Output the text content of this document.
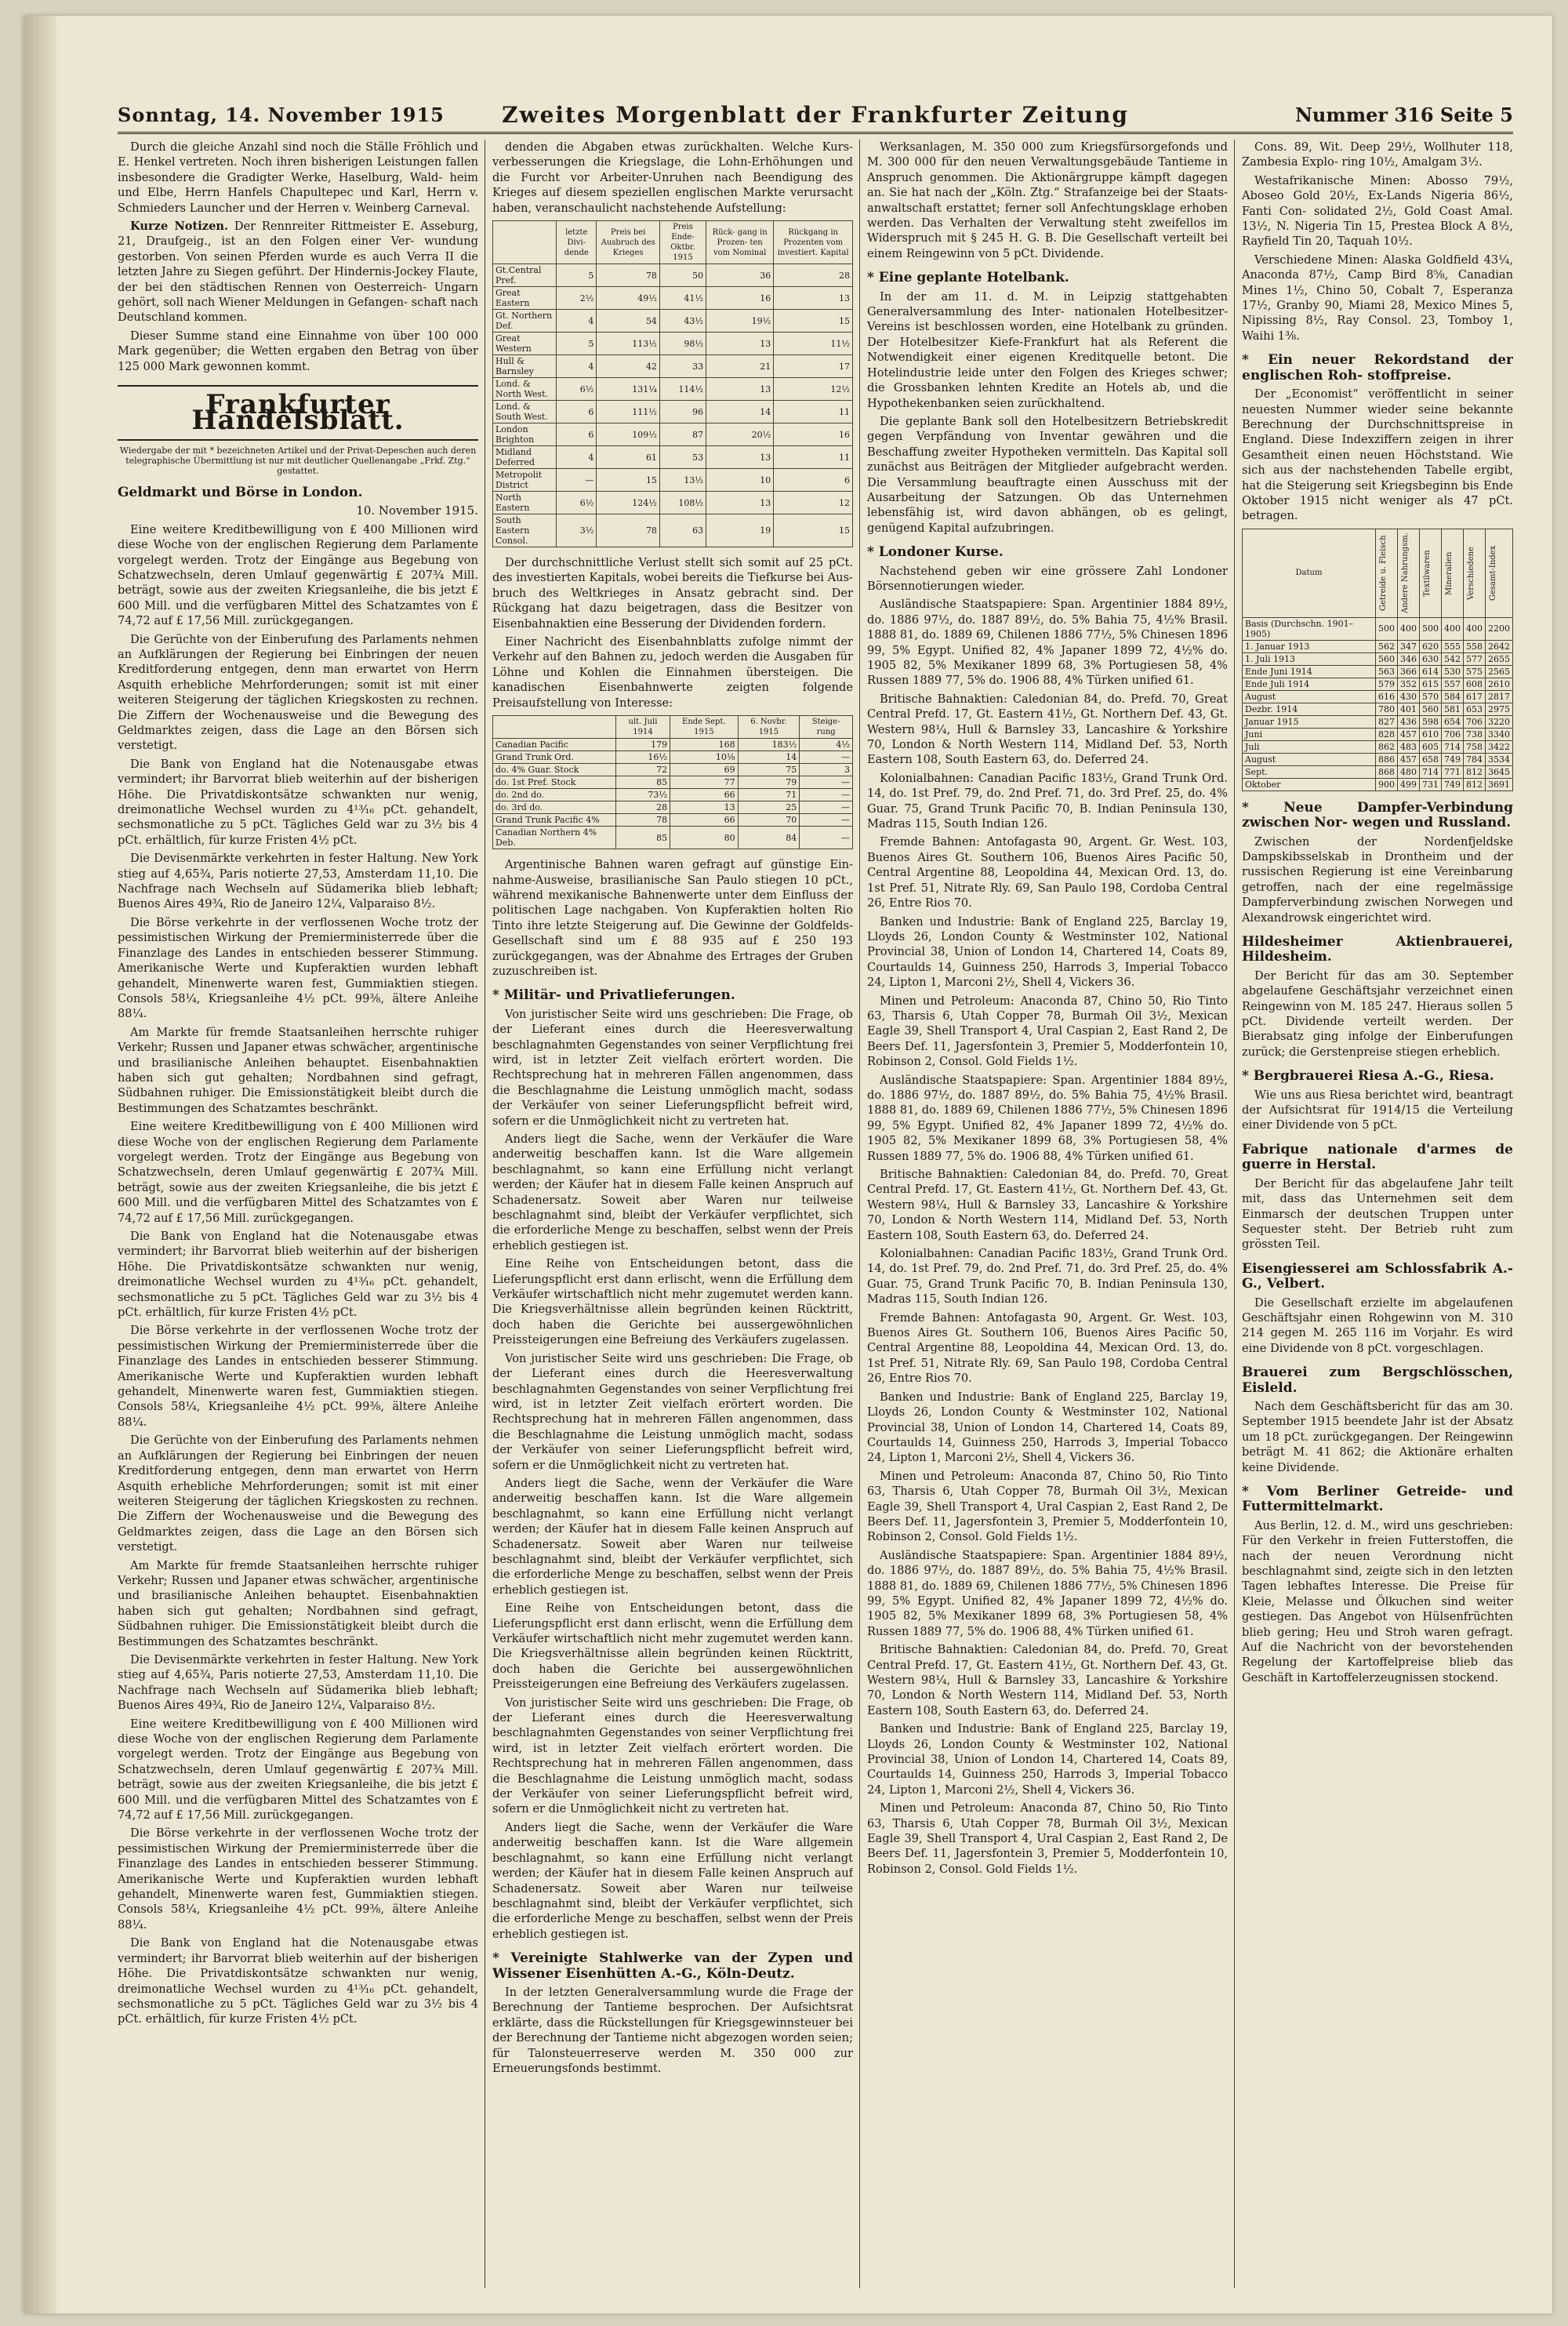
Sonntag, 14. November 1915	Zweites Morgenblatt der Frankfurter Zeitung	Nummer 316 Seite 5

Durch die gleiche Anzahl sind noch die Ställe Fröhlich und E. Henkel vertreten. Noch ihren bisherigen Leistungen fallen insbesondere die Gradigter Werke, Haselburg, Wald- heim und Elbe, Herrn Hanfels Chapultepec und Karl, Herrn v. Schmieders Launcher und der Herren v. Weinberg Carneval.

Kurze Notizen. Der Rennreiter Rittmeister E. Asseburg, 21, Draufgeig., ist an den Folgen einer Ver- wundung gestorben. Von seinen Pferden wurde es auch Verra II die letzten Jahre zu Siegen geführt. Der Hindernis-Jockey Flaute, der bei den städtischen Rennen von Oesterreich- Ungarn gehört, soll nach Wiener Meldungen in Gefangen- schaft nach Deutschland kommen.

Dieser Summe stand eine Einnahme von über 100 000 Mark gegenüber; die Wetten ergaben den Betrag von über 125 000 Mark gewonnen kommt.

Frankfurter Handelsblatt.
Wiedergabe der mit * bezeichneten Artikel und der Privat-Depeschen auch deren telegraphische Übermittlung ist nur mit deutlicher Quellenangabe „Frkf. Ztg.“ gestattet.
Geldmarkt und Börse in London.
10. November 1915.

Eine weitere Kreditbewilligung von £ 400 Millionen wird diese Woche von der englischen Regierung dem Parlamente vorgelegt werden. Trotz der Eingänge aus Begebung von Schatzwechseln, deren Umlauf gegenwärtig £ 207¾ Mill. beträgt, sowie aus der zweiten Kriegsanleihe, die bis jetzt £ 600 Mill. und die verfügbaren Mittel des Schatzamtes von £ 74,72 auf £ 17,56 Mill. zurückgegangen.

Die Gerüchte von der Einberufung des Parlaments nehmen an Aufklärungen der Regierung bei Einbringen der neuen Kreditforderung entgegen, denn man erwartet von Herrn Asquith erhebliche Mehrforderungen; somit ist mit einer weiteren Steigerung der täglichen Kriegskosten zu rechnen. Die Ziffern der Wochenausweise und die Bewegung des Geldmarktes zeigen, dass die Lage an den Börsen sich verstetigt.

Die Bank von England hat die Notenausgabe etwas vermindert; ihr Barvorrat blieb weiterhin auf der bisherigen Höhe. Die Privatdiskontsätze schwankten nur wenig, dreimonatliche Wechsel wurden zu 4¹³⁄₁₆ pCt. gehandelt, sechsmonatliche zu 5 pCt. Tägliches Geld war zu 3½ bis 4 pCt. erhältlich, für kurze Fristen 4½ pCt.

Die Devisenmärkte verkehrten in fester Haltung. New York stieg auf 4,65¾, Paris notierte 27,53, Amsterdam 11,10. Die Nachfrage nach Wechseln auf Südamerika blieb lebhaft; Buenos Aires 49¾, Rio de Janeiro 12¼, Valparaiso 8½.

Die Börse verkehrte in der verflossenen Woche trotz der pessimistischen Wirkung der Premierministerrede über die Finanzlage des Landes in entschieden besserer Stimmung. Amerikanische Werte und Kupferaktien wurden lebhaft gehandelt, Minenwerte waren fest, Gummiaktien stiegen. Consols 58¼, Kriegsanleihe 4½ pCt. 99⅜, ältere Anleihe 88¼.

Am Markte für fremde Staatsanleihen herrschte ruhiger Verkehr; Russen und Japaner etwas schwächer, argentinische und brasilianische Anleihen behauptet. Eisenbahnaktien haben sich gut gehalten; Nordbahnen sind gefragt, Südbahnen ruhiger. Die Emissionstätigkeit bleibt durch die Bestimmungen des Schatzamtes beschränkt.

Eine weitere Kreditbewilligung von £ 400 Millionen wird diese Woche von der englischen Regierung dem Parlamente vorgelegt werden. Trotz der Eingänge aus Begebung von Schatzwechseln, deren Umlauf gegenwärtig £ 207¾ Mill. beträgt, sowie aus der zweiten Kriegsanleihe, die bis jetzt £ 600 Mill. und die verfügbaren Mittel des Schatzamtes von £ 74,72 auf £ 17,56 Mill. zurückgegangen.

Die Bank von England hat die Notenausgabe etwas vermindert; ihr Barvorrat blieb weiterhin auf der bisherigen Höhe. Die Privatdiskontsätze schwankten nur wenig, dreimonatliche Wechsel wurden zu 4¹³⁄₁₆ pCt. gehandelt, sechsmonatliche zu 5 pCt. Tägliches Geld war zu 3½ bis 4 pCt. erhältlich, für kurze Fristen 4½ pCt.

Die Börse verkehrte in der verflossenen Woche trotz der pessimistischen Wirkung der Premierministerrede über die Finanzlage des Landes in entschieden besserer Stimmung. Amerikanische Werte und Kupferaktien wurden lebhaft gehandelt, Minenwerte waren fest, Gummiaktien stiegen. Consols 58¼, Kriegsanleihe 4½ pCt. 99⅜, ältere Anleihe 88¼.

Die Gerüchte von der Einberufung des Parlaments nehmen an Aufklärungen der Regierung bei Einbringen der neuen Kreditforderung entgegen, denn man erwartet von Herrn Asquith erhebliche Mehrforderungen; somit ist mit einer weiteren Steigerung der täglichen Kriegskosten zu rechnen. Die Ziffern der Wochenausweise und die Bewegung des Geldmarktes zeigen, dass die Lage an den Börsen sich verstetigt.

Am Markte für fremde Staatsanleihen herrschte ruhiger Verkehr; Russen und Japaner etwas schwächer, argentinische und brasilianische Anleihen behauptet. Eisenbahnaktien haben sich gut gehalten; Nordbahnen sind gefragt, Südbahnen ruhiger. Die Emissionstätigkeit bleibt durch die Bestimmungen des Schatzamtes beschränkt.

Die Devisenmärkte verkehrten in fester Haltung. New York stieg auf 4,65¾, Paris notierte 27,53, Amsterdam 11,10. Die Nachfrage nach Wechseln auf Südamerika blieb lebhaft; Buenos Aires 49¾, Rio de Janeiro 12¼, Valparaiso 8½.

Eine weitere Kreditbewilligung von £ 400 Millionen wird diese Woche von der englischen Regierung dem Parlamente vorgelegt werden. Trotz der Eingänge aus Begebung von Schatzwechseln, deren Umlauf gegenwärtig £ 207¾ Mill. beträgt, sowie aus der zweiten Kriegsanleihe, die bis jetzt £ 600 Mill. und die verfügbaren Mittel des Schatzamtes von £ 74,72 auf £ 17,56 Mill. zurückgegangen.

Die Börse verkehrte in der verflossenen Woche trotz der pessimistischen Wirkung der Premierministerrede über die Finanzlage des Landes in entschieden besserer Stimmung. Amerikanische Werte und Kupferaktien wurden lebhaft gehandelt, Minenwerte waren fest, Gummiaktien stiegen. Consols 58¼, Kriegsanleihe 4½ pCt. 99⅜, ältere Anleihe 88¼.

Die Bank von England hat die Notenausgabe etwas vermindert; ihr Barvorrat blieb weiterhin auf der bisherigen Höhe. Die Privatdiskontsätze schwankten nur wenig, dreimonatliche Wechsel wurden zu 4¹³⁄₁₆ pCt. gehandelt, sechsmonatliche zu 5 pCt. Tägliches Geld war zu 3½ bis 4 pCt. erhältlich, für kurze Fristen 4½ pCt.

denden die Abgaben etwas zurückhalten. Welche Kurs- verbesserungen die Kriegslage, die Lohn-Erhöhungen und die Furcht vor Arbeiter-Unruhen nach Beendigung des Krieges auf diesem speziellen englischen Markte verursacht haben, veranschaulicht nachstehende Aufstellung:

	letzte Divi- dende	Preis bei Ausbruch des Krieges	Preis Ende- Oktbr. 1915	Rück- gang in Prozen- ten vom Nominal	Rückgang in Prozenten vom investiert. Kapital
Gt.Central Pref.	5	78	50	36	28
Great Eastern	2½	49½	41½	16	13
Gt. Northern Def.	4	54	43½	19½	15
Great Western	5	113½	98½	13	11½
Hull & Barnsley	4	42	33	21	17
Lond. & North West.	6½	131¼	114½	13	12½
Lond. & South West.	6	111½	96	14	11
London Brighton	6	109½	87	20½	16
Midland Deferred	4	61	53	13	11
Metropolit District	—	15	13½	10	6
North Eastern	6½	124½	108½	13	12
South Eastern Consol.	3½	78	63	19	15

Der durchschnittliche Verlust stellt sich somit auf 25 pCt. des investierten Kapitals, wobei bereits die Tiefkurse bei Aus- bruch des Weltkrieges in Ansatz gebracht sind. Der Rückgang hat dazu beigetragen, dass die Besitzer von Eisenbahnaktien eine Besserung der Dividenden fordern.

Einer Nachricht des Eisenbahnblatts zufolge nimmt der Verkehr auf den Bahnen zu, jedoch werden die Ausgaben für Löhne und Kohlen die Einnahmen übersteigen. Die kanadischen Eisenbahnwerte zeigten folgende Preisaufstellung von Interesse:

	ult. Juli 1914	Ende Sept. 1915	6. Novbr. 1915	Steige- rung
Canadian Pacific	179	168	183½	4½
Grand Trunk Ord.	16½	10⅛	14	—
do. 4% Guar. Stock	72	69	75	3
do. 1st Pref. Stock	85	77	79	—
do. 2nd do.	73½	66	71	—
do. 3rd do.	28	13	25	—
Grand Trunk Pacific 4%	78	66	70	—
Canadian Northern 4% Deb.	85	80	84	—

Argentinische Bahnen waren gefragt auf günstige Ein- nahme-Ausweise, brasilianische San Paulo stiegen 10 pCt., während mexikanische Bahnenwerte unter dem Einfluss der politischen Lage nachgaben. Von Kupferaktien holten Rio Tinto ihre letzte Steigerung auf. Die Gewinne der Goldfelds-Gesellschaft sind um £ 88 935 auf £ 250 193 zurückgegangen, was der Abnahme des Ertrages der Gruben zuzuschreiben ist.

* Militär- und Privatlieferungen.

Von juristischer Seite wird uns geschrieben: Die Frage, ob der Lieferant eines durch die Heeresverwaltung beschlagnahmten Gegenstandes von seiner Verpflichtung frei wird, ist in letzter Zeit vielfach erörtert worden. Die Rechtsprechung hat in mehreren Fällen angenommen, dass die Beschlagnahme die Leistung unmöglich macht, sodass der Verkäufer von seiner Lieferungspflicht befreit wird, sofern er die Unmöglichkeit nicht zu vertreten hat.

Anders liegt die Sache, wenn der Verkäufer die Ware anderweitig beschaffen kann. Ist die Ware allgemein beschlagnahmt, so kann eine Erfüllung nicht verlangt werden; der Käufer hat in diesem Falle keinen Anspruch auf Schadenersatz. Soweit aber Waren nur teilweise beschlagnahmt sind, bleibt der Verkäufer verpflichtet, sich die erforderliche Menge zu beschaffen, selbst wenn der Preis erheblich gestiegen ist.

Eine Reihe von Entscheidungen betont, dass die Lieferungspflicht erst dann erlischt, wenn die Erfüllung dem Verkäufer wirtschaftlich nicht mehr zugemutet werden kann. Die Kriegsverhältnisse allein begründen keinen Rücktritt, doch haben die Gerichte bei aussergewöhnlichen Preissteigerungen eine Befreiung des Verkäufers zugelassen.

Von juristischer Seite wird uns geschrieben: Die Frage, ob der Lieferant eines durch die Heeresverwaltung beschlagnahmten Gegenstandes von seiner Verpflichtung frei wird, ist in letzter Zeit vielfach erörtert worden. Die Rechtsprechung hat in mehreren Fällen angenommen, dass die Beschlagnahme die Leistung unmöglich macht, sodass der Verkäufer von seiner Lieferungspflicht befreit wird, sofern er die Unmöglichkeit nicht zu vertreten hat.

Anders liegt die Sache, wenn der Verkäufer die Ware anderweitig beschaffen kann. Ist die Ware allgemein beschlagnahmt, so kann eine Erfüllung nicht verlangt werden; der Käufer hat in diesem Falle keinen Anspruch auf Schadenersatz. Soweit aber Waren nur teilweise beschlagnahmt sind, bleibt der Verkäufer verpflichtet, sich die erforderliche Menge zu beschaffen, selbst wenn der Preis erheblich gestiegen ist.

Eine Reihe von Entscheidungen betont, dass die Lieferungspflicht erst dann erlischt, wenn die Erfüllung dem Verkäufer wirtschaftlich nicht mehr zugemutet werden kann. Die Kriegsverhältnisse allein begründen keinen Rücktritt, doch haben die Gerichte bei aussergewöhnlichen Preissteigerungen eine Befreiung des Verkäufers zugelassen.

Von juristischer Seite wird uns geschrieben: Die Frage, ob der Lieferant eines durch die Heeresverwaltung beschlagnahmten Gegenstandes von seiner Verpflichtung frei wird, ist in letzter Zeit vielfach erörtert worden. Die Rechtsprechung hat in mehreren Fällen angenommen, dass die Beschlagnahme die Leistung unmöglich macht, sodass der Verkäufer von seiner Lieferungspflicht befreit wird, sofern er die Unmöglichkeit nicht zu vertreten hat.

Anders liegt die Sache, wenn der Verkäufer die Ware anderweitig beschaffen kann. Ist die Ware allgemein beschlagnahmt, so kann eine Erfüllung nicht verlangt werden; der Käufer hat in diesem Falle keinen Anspruch auf Schadenersatz. Soweit aber Waren nur teilweise beschlagnahmt sind, bleibt der Verkäufer verpflichtet, sich die erforderliche Menge zu beschaffen, selbst wenn der Preis erheblich gestiegen ist.

* Vereinigte Stahlwerke van der Zypen und Wissener Eisenhütten A.-G., Köln-Deutz.

In der letzten Generalversammlung wurde die Frage der Berechnung der Tantieme besprochen. Der Aufsichtsrat erklärte, dass die Rückstellungen für Kriegsgewinnsteuer bei der Berechnung der Tantieme nicht abgezogen worden seien; für Talonsteuerreserve werden M. 350 000 zur Erneuerungsfonds bestimmt.

Werksanlagen, M. 350 000 zum Kriegsfürsorgefonds und M. 300 000 für den neuen Verwaltungsgebäude Tantieme in Anspruch genommen. Die Aktionärgruppe kämpft dagegen an. Sie hat nach der „Köln. Ztg.“ Strafanzeige bei der Staats- anwaltschaft erstattet; ferner soll Anfechtungsklage erhoben werden. Das Verhalten der Verwaltung steht zweifellos im Widerspruch mit § 245 H. G. B. Die Gesellschaft verteilt bei einem Reingewinn von 5 pCt. Dividende.

* Eine geplante Hotelbank.

In der am 11. d. M. in Leipzig stattgehabten Generalversammlung des Inter- nationalen Hotelbesitzer-Vereins ist beschlossen worden, eine Hotelbank zu gründen. Der Hotelbesitzer Kiefe-Frankfurt hat als Referent die Notwendigkeit einer eigenen Kreditquelle betont. Die Hotelindustrie leide unter den Folgen des Krieges schwer; die Grossbanken lehnten Kredite an Hotels ab, und die Hypothekenbanken seien zurückhaltend.

Die geplante Bank soll den Hotelbesitzern Betriebskredit gegen Verpfändung von Inventar gewähren und die Beschaffung zweiter Hypotheken vermitteln. Das Kapital soll zunächst aus Beiträgen der Mitglieder aufgebracht werden. Die Versammlung beauftragte einen Ausschuss mit der Ausarbeitung der Satzungen. Ob das Unternehmen lebensfähig ist, wird davon abhängen, ob es gelingt, genügend Kapital aufzubringen.

* Londoner Kurse.

Nachstehend geben wir eine grössere Zahl Londoner Börsennotierungen wieder.

Ausländische Staatspapiere: Span. Argentinier 1884 89½, do. 1886 97½, do. 1887 89½, do. 5% Bahia 75, 4½% Brasil. 1888 81, do. 1889 69, Chilenen 1886 77½, 5% Chinesen 1896 99, 5% Egypt. Unified 82, 4% Japaner 1899 72, 4½% do. 1905 82, 5% Mexikaner 1899 68, 3% Portugiesen 58, 4% Russen 1889 77, 5% do. 1906 88, 4% Türken unified 61.

Britische Bahnaktien: Caledonian 84, do. Prefd. 70, Great Central Prefd. 17, Gt. Eastern 41½, Gt. Northern Def. 43, Gt. Western 98¼, Hull & Barnsley 33, Lancashire & Yorkshire 70, London & North Western 114, Midland Def. 53, North Eastern 108, South Eastern 63, do. Deferred 24.

Kolonialbahnen: Canadian Pacific 183½, Grand Trunk Ord. 14, do. 1st Pref. 79, do. 2nd Pref. 71, do. 3rd Pref. 25, do. 4% Guar. 75, Grand Trunk Pacific 70, B. Indian Peninsula 130, Madras 115, South Indian 126.

Fremde Bahnen: Antofagasta 90, Argent. Gr. West. 103, Buenos Aires Gt. Southern 106, Buenos Aires Pacific 50, Central Argentine 88, Leopoldina 44, Mexican Ord. 13, do. 1st Pref. 51, Nitrate Rly. 69, San Paulo 198, Cordoba Central 26, Entre Rios 70.

Banken und Industrie: Bank of England 225, Barclay 19, Lloyds 26, London County & Westminster 102, National Provincial 38, Union of London 14, Chartered 14, Coats 89, Courtaulds 14, Guinness 250, Harrods 3, Imperial Tobacco 24, Lipton 1, Marconi 2½, Shell 4, Vickers 36.

Minen und Petroleum: Anaconda 87, Chino 50, Rio Tinto 63, Tharsis 6, Utah Copper 78, Burmah Oil 3½, Mexican Eagle 39, Shell Transport 4, Ural Caspian 2, East Rand 2, De Beers Def. 11, Jagersfontein 3, Premier 5, Modderfontein 10, Robinson 2, Consol. Gold Fields 1½.

Ausländische Staatspapiere: Span. Argentinier 1884 89½, do. 1886 97½, do. 1887 89½, do. 5% Bahia 75, 4½% Brasil. 1888 81, do. 1889 69, Chilenen 1886 77½, 5% Chinesen 1896 99, 5% Egypt. Unified 82, 4% Japaner 1899 72, 4½% do. 1905 82, 5% Mexikaner 1899 68, 3% Portugiesen 58, 4% Russen 1889 77, 5% do. 1906 88, 4% Türken unified 61.

Britische Bahnaktien: Caledonian 84, do. Prefd. 70, Great Central Prefd. 17, Gt. Eastern 41½, Gt. Northern Def. 43, Gt. Western 98¼, Hull & Barnsley 33, Lancashire & Yorkshire 70, London & North Western 114, Midland Def. 53, North Eastern 108, South Eastern 63, do. Deferred 24.

Kolonialbahnen: Canadian Pacific 183½, Grand Trunk Ord. 14, do. 1st Pref. 79, do. 2nd Pref. 71, do. 3rd Pref. 25, do. 4% Guar. 75, Grand Trunk Pacific 70, B. Indian Peninsula 130, Madras 115, South Indian 126.

Fremde Bahnen: Antofagasta 90, Argent. Gr. West. 103, Buenos Aires Gt. Southern 106, Buenos Aires Pacific 50, Central Argentine 88, Leopoldina 44, Mexican Ord. 13, do. 1st Pref. 51, Nitrate Rly. 69, San Paulo 198, Cordoba Central 26, Entre Rios 70.

Banken und Industrie: Bank of England 225, Barclay 19, Lloyds 26, London County & Westminster 102, National Provincial 38, Union of London 14, Chartered 14, Coats 89, Courtaulds 14, Guinness 250, Harrods 3, Imperial Tobacco 24, Lipton 1, Marconi 2½, Shell 4, Vickers 36.

Minen und Petroleum: Anaconda 87, Chino 50, Rio Tinto 63, Tharsis 6, Utah Copper 78, Burmah Oil 3½, Mexican Eagle 39, Shell Transport 4, Ural Caspian 2, East Rand 2, De Beers Def. 11, Jagersfontein 3, Premier 5, Modderfontein 10, Robinson 2, Consol. Gold Fields 1½.

Ausländische Staatspapiere: Span. Argentinier 1884 89½, do. 1886 97½, do. 1887 89½, do. 5% Bahia 75, 4½% Brasil. 1888 81, do. 1889 69, Chilenen 1886 77½, 5% Chinesen 1896 99, 5% Egypt. Unified 82, 4% Japaner 1899 72, 4½% do. 1905 82, 5% Mexikaner 1899 68, 3% Portugiesen 58, 4% Russen 1889 77, 5% do. 1906 88, 4% Türken unified 61.

Britische Bahnaktien: Caledonian 84, do. Prefd. 70, Great Central Prefd. 17, Gt. Eastern 41½, Gt. Northern Def. 43, Gt. Western 98¼, Hull & Barnsley 33, Lancashire & Yorkshire 70, London & North Western 114, Midland Def. 53, North Eastern 108, South Eastern 63, do. Deferred 24.

Banken und Industrie: Bank of England 225, Barclay 19, Lloyds 26, London County & Westminster 102, National Provincial 38, Union of London 14, Chartered 14, Coats 89, Courtaulds 14, Guinness 250, Harrods 3, Imperial Tobacco 24, Lipton 1, Marconi 2½, Shell 4, Vickers 36.

Minen und Petroleum: Anaconda 87, Chino 50, Rio Tinto 63, Tharsis 6, Utah Copper 78, Burmah Oil 3½, Mexican Eagle 39, Shell Transport 4, Ural Caspian 2, East Rand 2, De Beers Def. 11, Jagersfontein 3, Premier 5, Modderfontein 10, Robinson 2, Consol. Gold Fields 1½.

Cons. 89, Wit. Deep 29½, Wollhuter 118, Zambesia Explo- ring 10½, Amalgam 3½.

Westafrikanische Minen: Abosso 79½, Aboseo Gold 20½, Ex-Lands Nigeria 86½, Fanti Con- solidated 2½, Gold Coast Amal. 13½, N. Nigeria Tin 15, Prestea Block A 8½, Rayfield Tin 20, Taquah 10½.

Verschiedene Minen: Alaska Goldfield 43¼, Anaconda 87½, Camp Bird 8⅝, Canadian Mines 1½, Chino 50, Cobalt 7, Esperanza 17½, Granby 90, Miami 28, Mexico Mines 5, Nipissing 8½, Ray Consol. 23, Tomboy 1, Waihi 1⅜.

* Ein neuer Rekordstand der englischen Roh- stoffpreise.

Der „Economist“ veröffentlicht in seiner neuesten Nummer wieder seine bekannte Berechnung der Durchschnittspreise in England. Diese Indexziffern zeigen in ihrer Gesamtheit einen neuen Höchststand. Wie sich aus der nachstehenden Tabelle ergibt, hat die Steigerung seit Kriegsbeginn bis Ende Oktober 1915 nicht weniger als 47 pCt. betragen.

Datum	Getreide u. Fleisch	Andere Nahrungsm.	Textilwaren	Mineralien	Verschiedene	Gesamt-Index

Basis (Durchschn. 1901–1905)	500	400	500	400	400	2200
1. Januar 1913	562	347	620	555	558	2642
1. Juli 1913	560	346	630	542	577	2655
Ende Juni 1914	563	366	614	530	575	2565
Ende Juli 1914	579	352	615	557	608	2610
August	616	430	570	584	617	2817
Dezbr. 1914	780	401	560	581	653	2975
Januar 1915	827	436	598	654	706	3220
Juni	828	457	610	706	738	3340
Juli	862	483	605	714	758	3422
August	886	457	658	749	784	3534
Sept.	868	480	714	771	812	3645
Oktober	900	499	731	749	812	3691
* Neue Dampfer-Verbindung zwischen Nor- wegen und Russland.

Zwischen der Nordenfjeldske Dampskibsselskab in Drontheim und der russischen Regierung ist eine Vereinbarung getroffen, nach der eine regelmässige Dampferverbindung zwischen Norwegen und Alexandrowsk eingerichtet wird.

Hildesheimer Aktienbrauerei, Hildesheim.

Der Bericht für das am 30. September abgelaufene Geschäftsjahr verzeichnet einen Reingewinn von M. 185 247. Hieraus sollen 5 pCt. Dividende verteilt werden. Der Bierabsatz ging infolge der Einberufungen zurück; die Gerstenpreise stiegen erheblich.

* Bergbrauerei Riesa A.-G., Riesa.

Wie uns aus Riesa berichtet wird, beantragt der Aufsichtsrat für 1914/15 die Verteilung einer Dividende von 5 pCt.

Fabrique nationale d'armes de guerre in Herstal.

Der Bericht für das abgelaufene Jahr teilt mit, dass das Unternehmen seit dem Einmarsch der deutschen Truppen unter Sequester steht. Der Betrieb ruht zum grössten Teil.

Eisengiesserei am Schlossfabrik A.-G., Velbert.

Die Gesellschaft erzielte im abgelaufenen Geschäftsjahr einen Rohgewinn von M. 310 214 gegen M. 265 116 im Vorjahr. Es wird eine Dividende von 8 pCt. vorgeschlagen.

Brauerei zum Bergschlösschen, Eisleld.

Nach dem Geschäftsbericht für das am 30. September 1915 beendete Jahr ist der Absatz um 18 pCt. zurückgegangen. Der Reingewinn beträgt M. 41 862; die Aktionäre erhalten keine Dividende.

* Vom Berliner Getreide- und Futtermittelmarkt.

Aus Berlin, 12. d. M., wird uns geschrieben: Für den Verkehr in freien Futterstoffen, die nach der neuen Verordnung nicht beschlagnahmt sind, zeigte sich in den letzten Tagen lebhaftes Interesse. Die Preise für Kleie, Melasse und Ölkuchen sind weiter gestiegen. Das Angebot von Hülsenfrüchten blieb gering; Heu und Stroh waren gefragt. Auf die Nachricht von der bevorstehenden Regelung der Kartoffelpreise blieb das Geschäft in Kartoffelerzeugnissen stockend.
